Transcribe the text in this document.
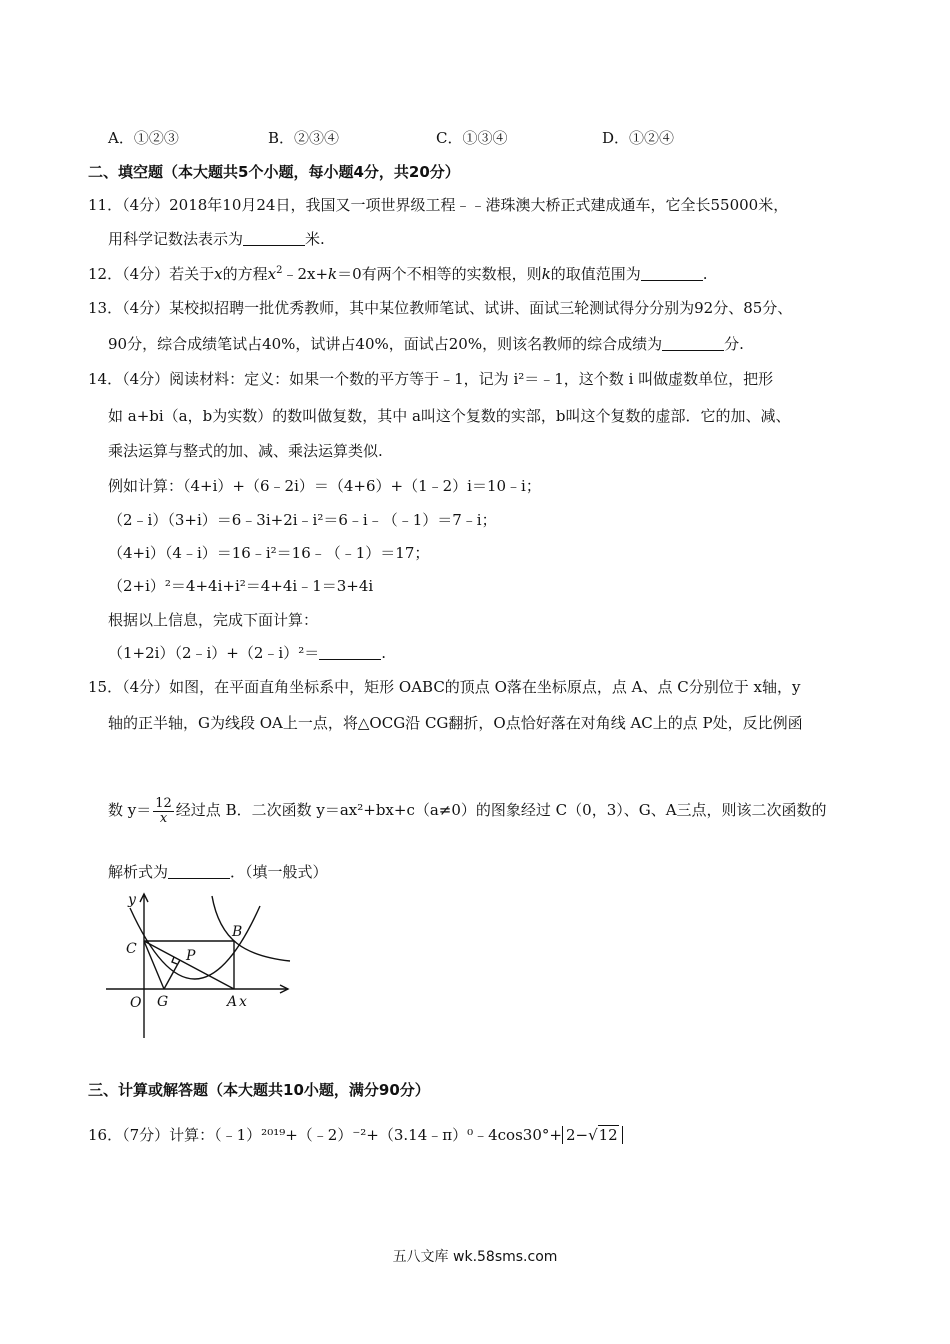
A．①②③	B．②③④	C．①③④	D．①②④
二、填空题（本大题共5个小题，每小题4分，共20分）
11．（4分）2018年10月24日，我国又一项世界级工程﹣﹣港珠澳大桥正式建成通车，它全长55000米，
用科学记数法表示为	米.
12．（4分）若关于x的方程$x^2﹣2x+k=0$有两个不相等的实数根，则k的取值范围为	.
13．（4分）某校拟招聘一批优秀教师，其中某位教师笔试、试讲、面试三轮测试得分分别为92分、85分、
90分，综合成绩笔试占40%，试讲占40%，面试占20%，则该名教师的综合成绩为	分.
14．（4分）阅读材料：定义：如果一个数的平方等于﹣1，记为 i²＝﹣1，这个数 i 叫做虚数单位，把形
如 a+bi（a，b为实数）的数叫做复数，其中 a叫这个复数的实部，b叫这个复数的虚部．它的加、减、
乘法运算与整式的加、减、乘法运算类似.
例如计算：（4+i）+（6﹣2i）＝（4+6）+（1﹣2）i＝10﹣i；
（2﹣i）（3+i）＝6﹣3i+2i﹣i²＝6﹣i﹣（﹣1）＝7﹣i；
（4+i）（4﹣i）＝16﹣i²＝16﹣（﹣1）＝17；
（2+i）²＝4+4i+i²＝4+4i﹣1＝3+4i
根据以上信息，完成下面计算：
（1+2i）（2﹣i）+（2﹣i）²＝	.
15．（4分）如图，在平面直角坐标系中，矩形 OABC的顶点 O落在坐标原点，点 A、点 C分别位于 x轴，y
轴的正半轴，G为线段 OA上一点，将△OCG沿 CG翻折，O点恰好落在对角线 AC上的点 P处，反比例函
数 $y= \frac{12}{x}$ 经过点 B．二次函数 y＝ax²+bx+c（a≠0）的图象经过 C（0，3）、G、A三点，则该二次函数的
解析式为	．（填一般式）
y
C
B
P
O G	A x
三、计算或解答题（本大题共10小题，满分90分）
16．（7分）计算：（﹣1）²⁰¹⁹+（﹣2）⁻²+（3.14﹣π）⁰﹣4cos30°+ 2−√12
五八文库 wk.58sms.com
